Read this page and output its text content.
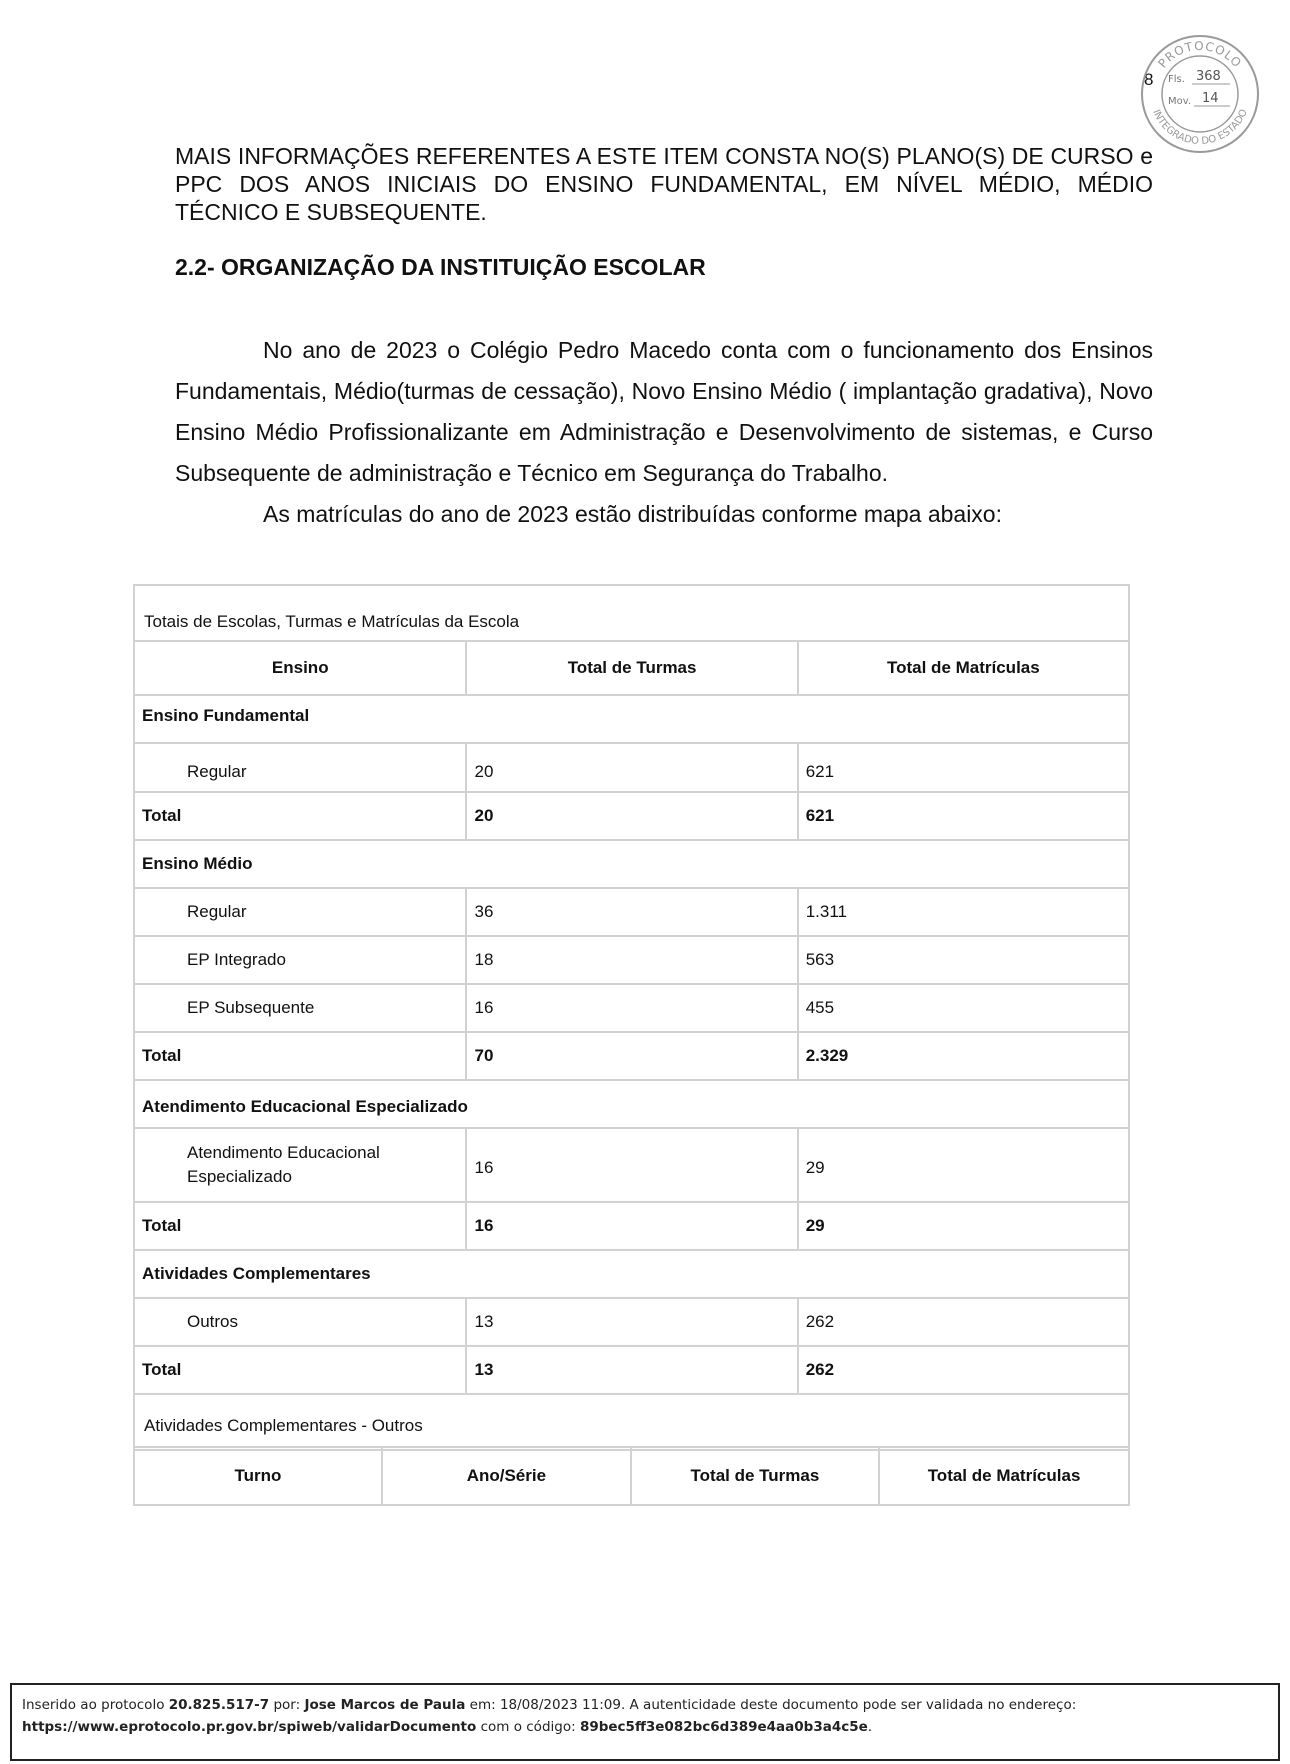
8
PROTOCOLO
INTEGRADO DO ESTADO
Fls. 368
Mov. 14

MAIS INFORMAÇÕES REFERENTES A ESTE ITEM CONSTA NO(S) PLANO(S) DE CURSO e PPC DOS ANOS INICIAIS DO ENSINO FUNDAMENTAL, EM NÍVEL MÉDIO, MÉDIO TÉCNICO E SUBSEQUENTE.

2.2- ORGANIZAÇÃO DA INSTITUIÇÃO ESCOLAR

No ano de 2023 o Colégio Pedro Macedo conta com o funcionamento dos Ensinos Fundamentais, Médio(turmas de cessação), Novo Ensino Médio ( implantação gradativa), Novo Ensino Médio Profissionalizante em Administração e Desenvolvimento de sistemas, e Curso Subsequente de administração e Técnico em Segurança do Trabalho.

As matrículas do ano de 2023 estão distribuídas conforme mapa abaixo:

Totais de Escolas, Turmas e Matrículas da Escola		
Ensino	Total de Turmas	Total de Matrículas
Ensino Fundamental		
Regular	20	621
Total	20	621
Ensino Médio		
Regular	36	1.311
EP Integrado	18	563
EP Subsequente	16	455
Total	70	2.329
Atendimento Educacional Especializado		
Atendimento Educacional
Especializado	16	29
Total	16	29
Atividades Complementares		
Outros	13	262
Total	13	262
Atividades Complementares - Outros		
Turno	Ano/Série	Total de Turmas	Total de Matrículas
Inserido ao protocolo 20.825.517-7 por: Jose Marcos de Paula em: 18/08/2023 11:09. A autenticidade deste documento pode ser validada no endereço:
https://www.eprotocolo.pr.gov.br/spiweb/validarDocumento com o código: 89bec5ff3e082bc6d389e4aa0b3a4c5e.
